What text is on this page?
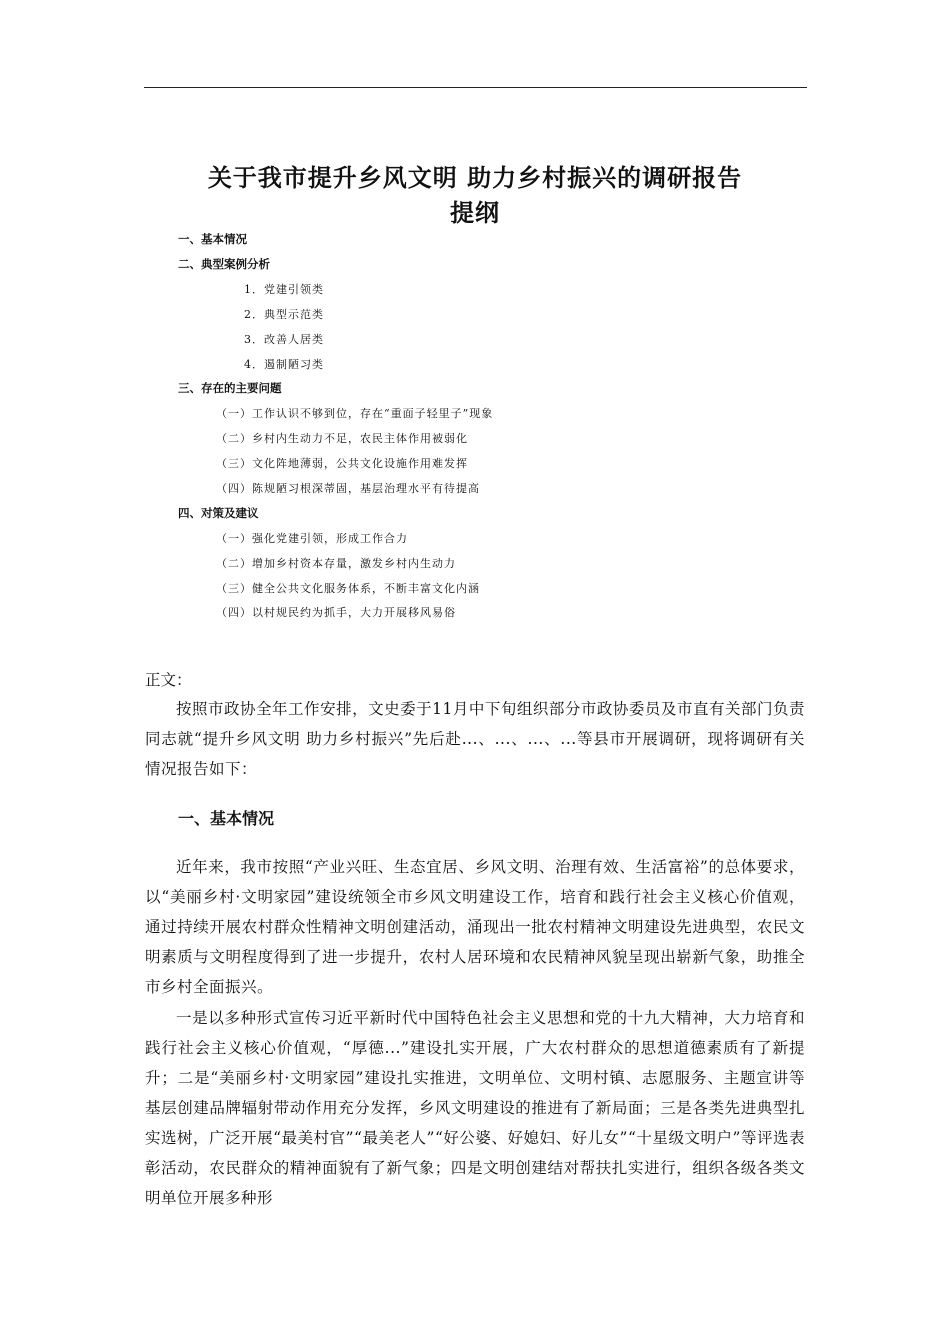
关于我市提升乡风文明 助力乡村振兴的调研报告
提纲
一、基本情况
二、典型案例分析
1．党建引领类
2．典型示范类
3．改善人居类
4．遏制陋习类
三、存在的主要问题
（一）工作认识不够到位，存在“重面子轻里子”现象
（二）乡村内生动力不足，农民主体作用被弱化
（三）文化阵地薄弱，公共文化设施作用难发挥
（四）陈规陋习根深蒂固，基层治理水平有待提高
四、对策及建议
（一）强化党建引领，形成工作合力
（二）增加乡村资本存量，激发乡村内生动力
（三）健全公共文化服务体系，不断丰富文化内涵
（四）以村规民约为抓手，大力开展移风易俗
正文：

按照市政协全年工作安排，文史委于11月中下旬组织部分市政协委员及市直有关部门负责同志就“提升乡风文明 助力乡村振兴”先后赴...、...、...、...等县市开展调研，现将调研有关情况报告如下：

一、基本情况

近年来，我市按照“产业兴旺、生态宜居、乡风文明、治理有效、生活富裕”的总体要求，以“美丽乡村·文明家园”建设统领全市乡风文明建设工作，培育和践行社会主义核心价值观，通过持续开展农村群众性精神文明创建活动，涌现出一批农村精神文明建设先进典型，农民文明素质与文明程度得到了进一步提升，农村人居环境和农民精神风貌呈现出崭新气象，助推全市乡村全面振兴。

一是以多种形式宣传习近平新时代中国特色社会主义思想和党的十九大精神，大力培育和践行社会主义核心价值观，“厚德...”建设扎实开展，广大农村群众的思想道德素质有了新提升；二是“美丽乡村·文明家园”建设扎实推进，文明单位、文明村镇、志愿服务、主题宣讲等基层创建品牌辐射带动作用充分发挥，乡风文明建设的推进有了新局面；三是各类先进典型扎实选树，广泛开展“最美村官”“最美老人”“好公婆、好媳妇、好儿女”“十星级文明户”等评选表彰活动，农民群众的精神面貌有了新气象；四是文明创建结对帮扶扎实进行，组织各级各类文明单位开展多种形
